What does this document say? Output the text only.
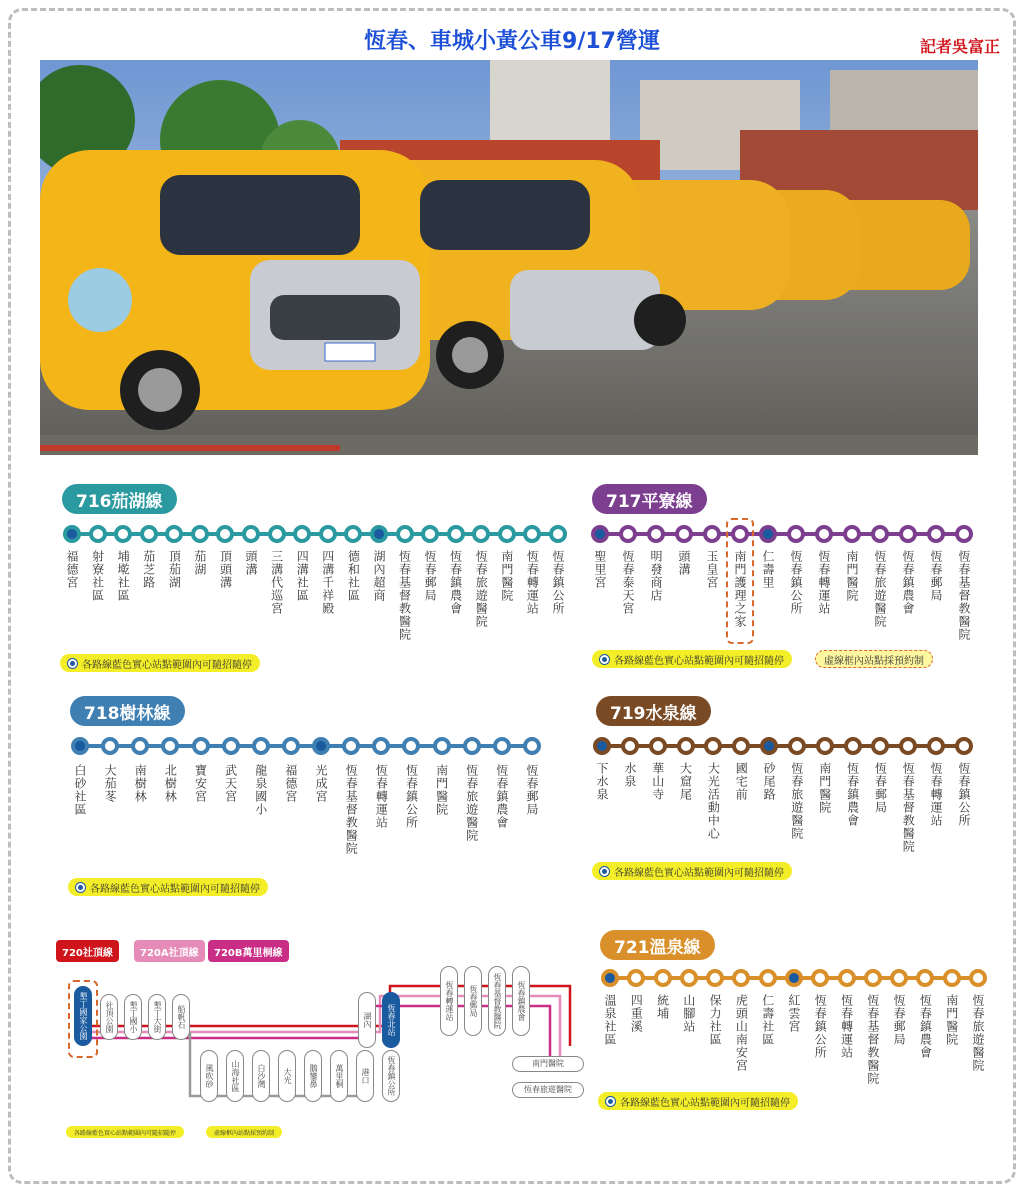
恆春、車城小黃公車9/17營運	記者吳富正
716茄湖線
福德宮 射寮社區 埔墘社區 茄芝路 頂茄湖 茄湖 頂頭溝 頭溝 三溝代巡宮 四溝社區 四溝千祥殿 德和社區 湖內超商 恆春基督教醫院 恆春郵局 恆春鎮農會 恆春旅遊醫院 南門醫院 恆春轉運站 恆春鎮公所
各路線藍色實心站點範圍內可隨招隨停
717平寮線
聖里宮 恆春泰天宮 明發商店 頭溝 玉皇宮 南門護理之家 仁壽里 恆春鎮公所 恆春轉運站 南門醫院 恆春旅遊醫院 恆春鎮農會 恆春郵局 恆春基督教醫院
各路線藍色實心站點範圍內可隨招隨停	虛線框內站點採預約制
718樹林線
白砂社區 大茄苳 南樹林 北樹林 寶安宮 武天宮 龍泉國小 福德宮 光成宮 恆春基督教醫院 恆春轉運站 恆春鎮公所 南門醫院 恆春旅遊醫院 恆春鎮農會 恆春郵局
各路線藍色實心站點範圍內可隨招隨停
719水泉線
下水泉 水泉 華山寺 大窟尾 大光活動中心 國宅前 砂尾路 恆春旅遊醫院 南門醫院 恆春鎮農會 恆春郵局 恆春基督教醫院 恆春轉運站 恆春鎮公所
各路線藍色實心站點範圍內可隨招隨停
720社頂線	720A社頂線	720B萬里桐線
墾丁國家公園	社頂公園	墾丁國小	墾丁大街	船帆石
風吹砂	山海社區	白沙灣	大光	鵝鑾鼻	萬里桐	港口	恆春鎮公所
湖內	恆春北站	恆春轉運站	恆春郵局	恆春基督教醫院	恆春鎮農會
南門醫院
恆春旅遊醫院
各路線藍色實心站點範圍內可隨招隨停	虛線框內站點採預約制
721溫泉線
溫泉社區 四重溪 統埔 山腳站 保力社區 虎頭山南安宮 仁壽社區 紅雲宮 恆春鎮公所 恆春轉運站 恆春基督教醫院 恆春郵局 恆春鎮農會 南門醫院 恆春旅遊醫院
各路線藍色實心站點範圍內可隨招隨停
